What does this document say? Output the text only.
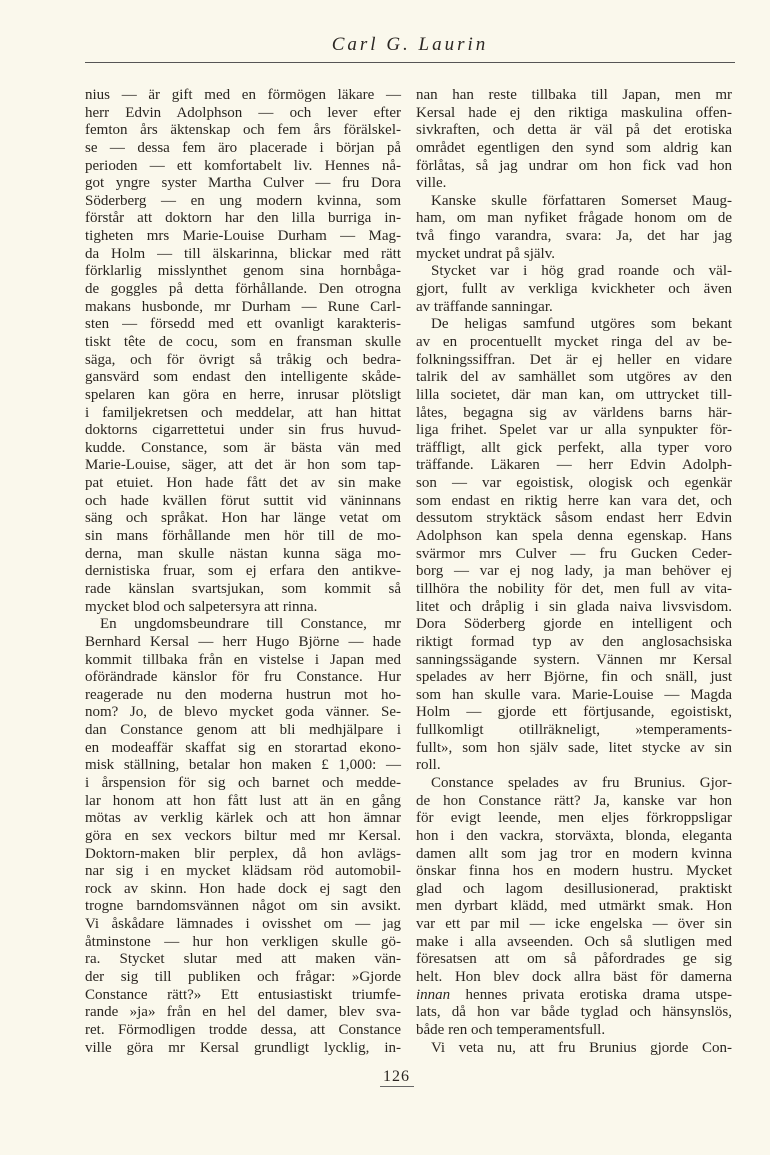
Carl G. Laurin
nius — är gift med en förmögen läkare —
herr Edvin Adolphson — och lever efter
femton års äktenskap och fem års förälskel-
se — dessa fem äro placerade i början på
perioden — ett komfortabelt liv. Hennes nå-
got yngre syster Martha Culver — fru Dora
Söderberg — en ung modern kvinna, som
förstår att doktorn har den lilla burriga in-
tigheten mrs Marie-Louise Durham — Mag-
da Holm — till älskarinna, blickar med rätt
förklarlig misslynthet genom sina hornbåga-
de goggles på detta förhållande. Den otrogna
makans husbonde, mr Durham — Rune Carl-
sten — försedd med ett ovanligt karakteris-
tiskt tête de cocu, som en fransman skulle
säga, och för övrigt så tråkig och bedra-
gansvärd som endast den intelligente skåde-
spelaren kan göra en herre, inrusar plötsligt
i familjekretsen och meddelar, att han hittat
doktorns cigarrettetui under sin frus huvud-
kudde. Constance, som är bästa vän med
Marie-Louise, säger, att det är hon som tap-
pat etuiet. Hon hade fått det av sin make
och hade kvällen förut suttit vid väninnans
säng och språkat. Hon har länge vetat om
sin mans förhållande men hör till de mo-
derna, man skulle nästan kunna säga mo-
dernistiska fruar, som ej erfara den antikve-
rade känslan svartsjukan, som kommit så
mycket blod och salpetersyra att rinna.
En ungdomsbeundrare till Constance, mr
Bernhard Kersal — herr Hugo Björne — hade
kommit tillbaka från en vistelse i Japan med
oförändrade känslor för fru Constance. Hur
reagerade nu den moderna hustrun mot ho-
nom? Jo, de blevo mycket goda vänner. Se-
dan Constance genom att bli medhjälpare i
en modeaffär skaffat sig en storartad ekono-
misk ställning, betalar hon maken £ 1,000: —
i årspension för sig och barnet och medde-
lar honom att hon fått lust att än en gång
mötas av verklig kärlek och att hon ämnar
göra en sex veckors biltur med mr Kersal.
Doktorn-maken blir perplex, då hon avlägs-
nar sig i en mycket klädsam röd automobil-
rock av skinn. Hon hade dock ej sagt den
trogne barndomsvännen något om sin avsikt.
Vi åskådare lämnades i ovisshet om — jag
åtminstone — hur hon verkligen skulle gö-
ra. Stycket slutar med att maken vän-
der sig till publiken och frågar: »Gjorde
Constance rätt?» Ett entusiastiskt triumfe-
rande »ja» från en hel del damer, blev sva-
ret. Förmodligen trodde dessa, att Constance
ville göra mr Kersal grundligt lycklig, in-
nan han reste tillbaka till Japan, men mr
Kersal hade ej den riktiga maskulina offen-
sivkraften, och detta är väl på det erotiska
området egentligen den synd som aldrig kan
förlåtas, så jag undrar om hon fick vad hon
ville.
Kanske skulle författaren Somerset Maug-
ham, om man nyfiket frågade honom om de
två fingo varandra, svara: Ja, det har jag
mycket undrat på själv.
Stycket var i hög grad roande och väl-
gjort, fullt av verkliga kvickheter och även
av träffande sanningar.
De heligas samfund utgöres som bekant
av en procentuellt mycket ringa del av be-
folkningssiffran. Det är ej heller en vidare
talrik del av samhället som utgöres av den
lilla societet, där man kan, om uttrycket till-
låtes, begagna sig av världens barns här-
liga frihet. Spelet var ur alla synpukter för-
träffligt, allt gick perfekt, alla typer voro
träffande. Läkaren — herr Edvin Adolph-
son — var egoistisk, ologisk och egenkär
som endast en riktig herre kan vara det, och
dessutom stryktäck såsom endast herr Edvin
Adolphson kan spela denna egenskap. Hans
svärmor mrs Culver — fru Gucken Ceder-
borg — var ej nog lady, ja man behöver ej
tillhöra the nobility för det, men full av vita-
litet och dråplig i sin glada naiva livsvisdom.
Dora Söderberg gjorde en intelligent och
riktigt formad typ av den anglosachsiska
sanningssägande systern. Vännen mr Kersal
spelades av herr Björne, fin och snäll, just
som han skulle vara. Marie-Louise — Magda
Holm — gjorde ett förtjusande, egoistiskt,
fullkomligt otillräkneligt, »temperaments-
fullt», som hon själv sade, litet stycke av sin
roll.
Constance spelades av fru Brunius. Gjor-
de hon Constance rätt? Ja, kanske var hon
för evigt leende, men eljes förkroppsligar
hon i den vackra, storväxta, blonda, eleganta
damen allt som jag tror en modern kvinna
önskar finna hos en modern hustru. Mycket
glad och lagom desillusionerad, praktiskt
men dyrbart klädd, med utmärkt smak. Hon
var ett par mil — icke engelska — över sin
make i alla avseenden. Och så slutligen med
föresatsen att om så påfordrades ge sig
helt. Hon blev dock allra bäst för damerna
innan hennes privata erotiska drama utspe-
lats, då hon var både tyglad och hänsynslös,
både ren och temperamentsfull.
Vi veta nu, att fru Brunius gjorde Con-
126
